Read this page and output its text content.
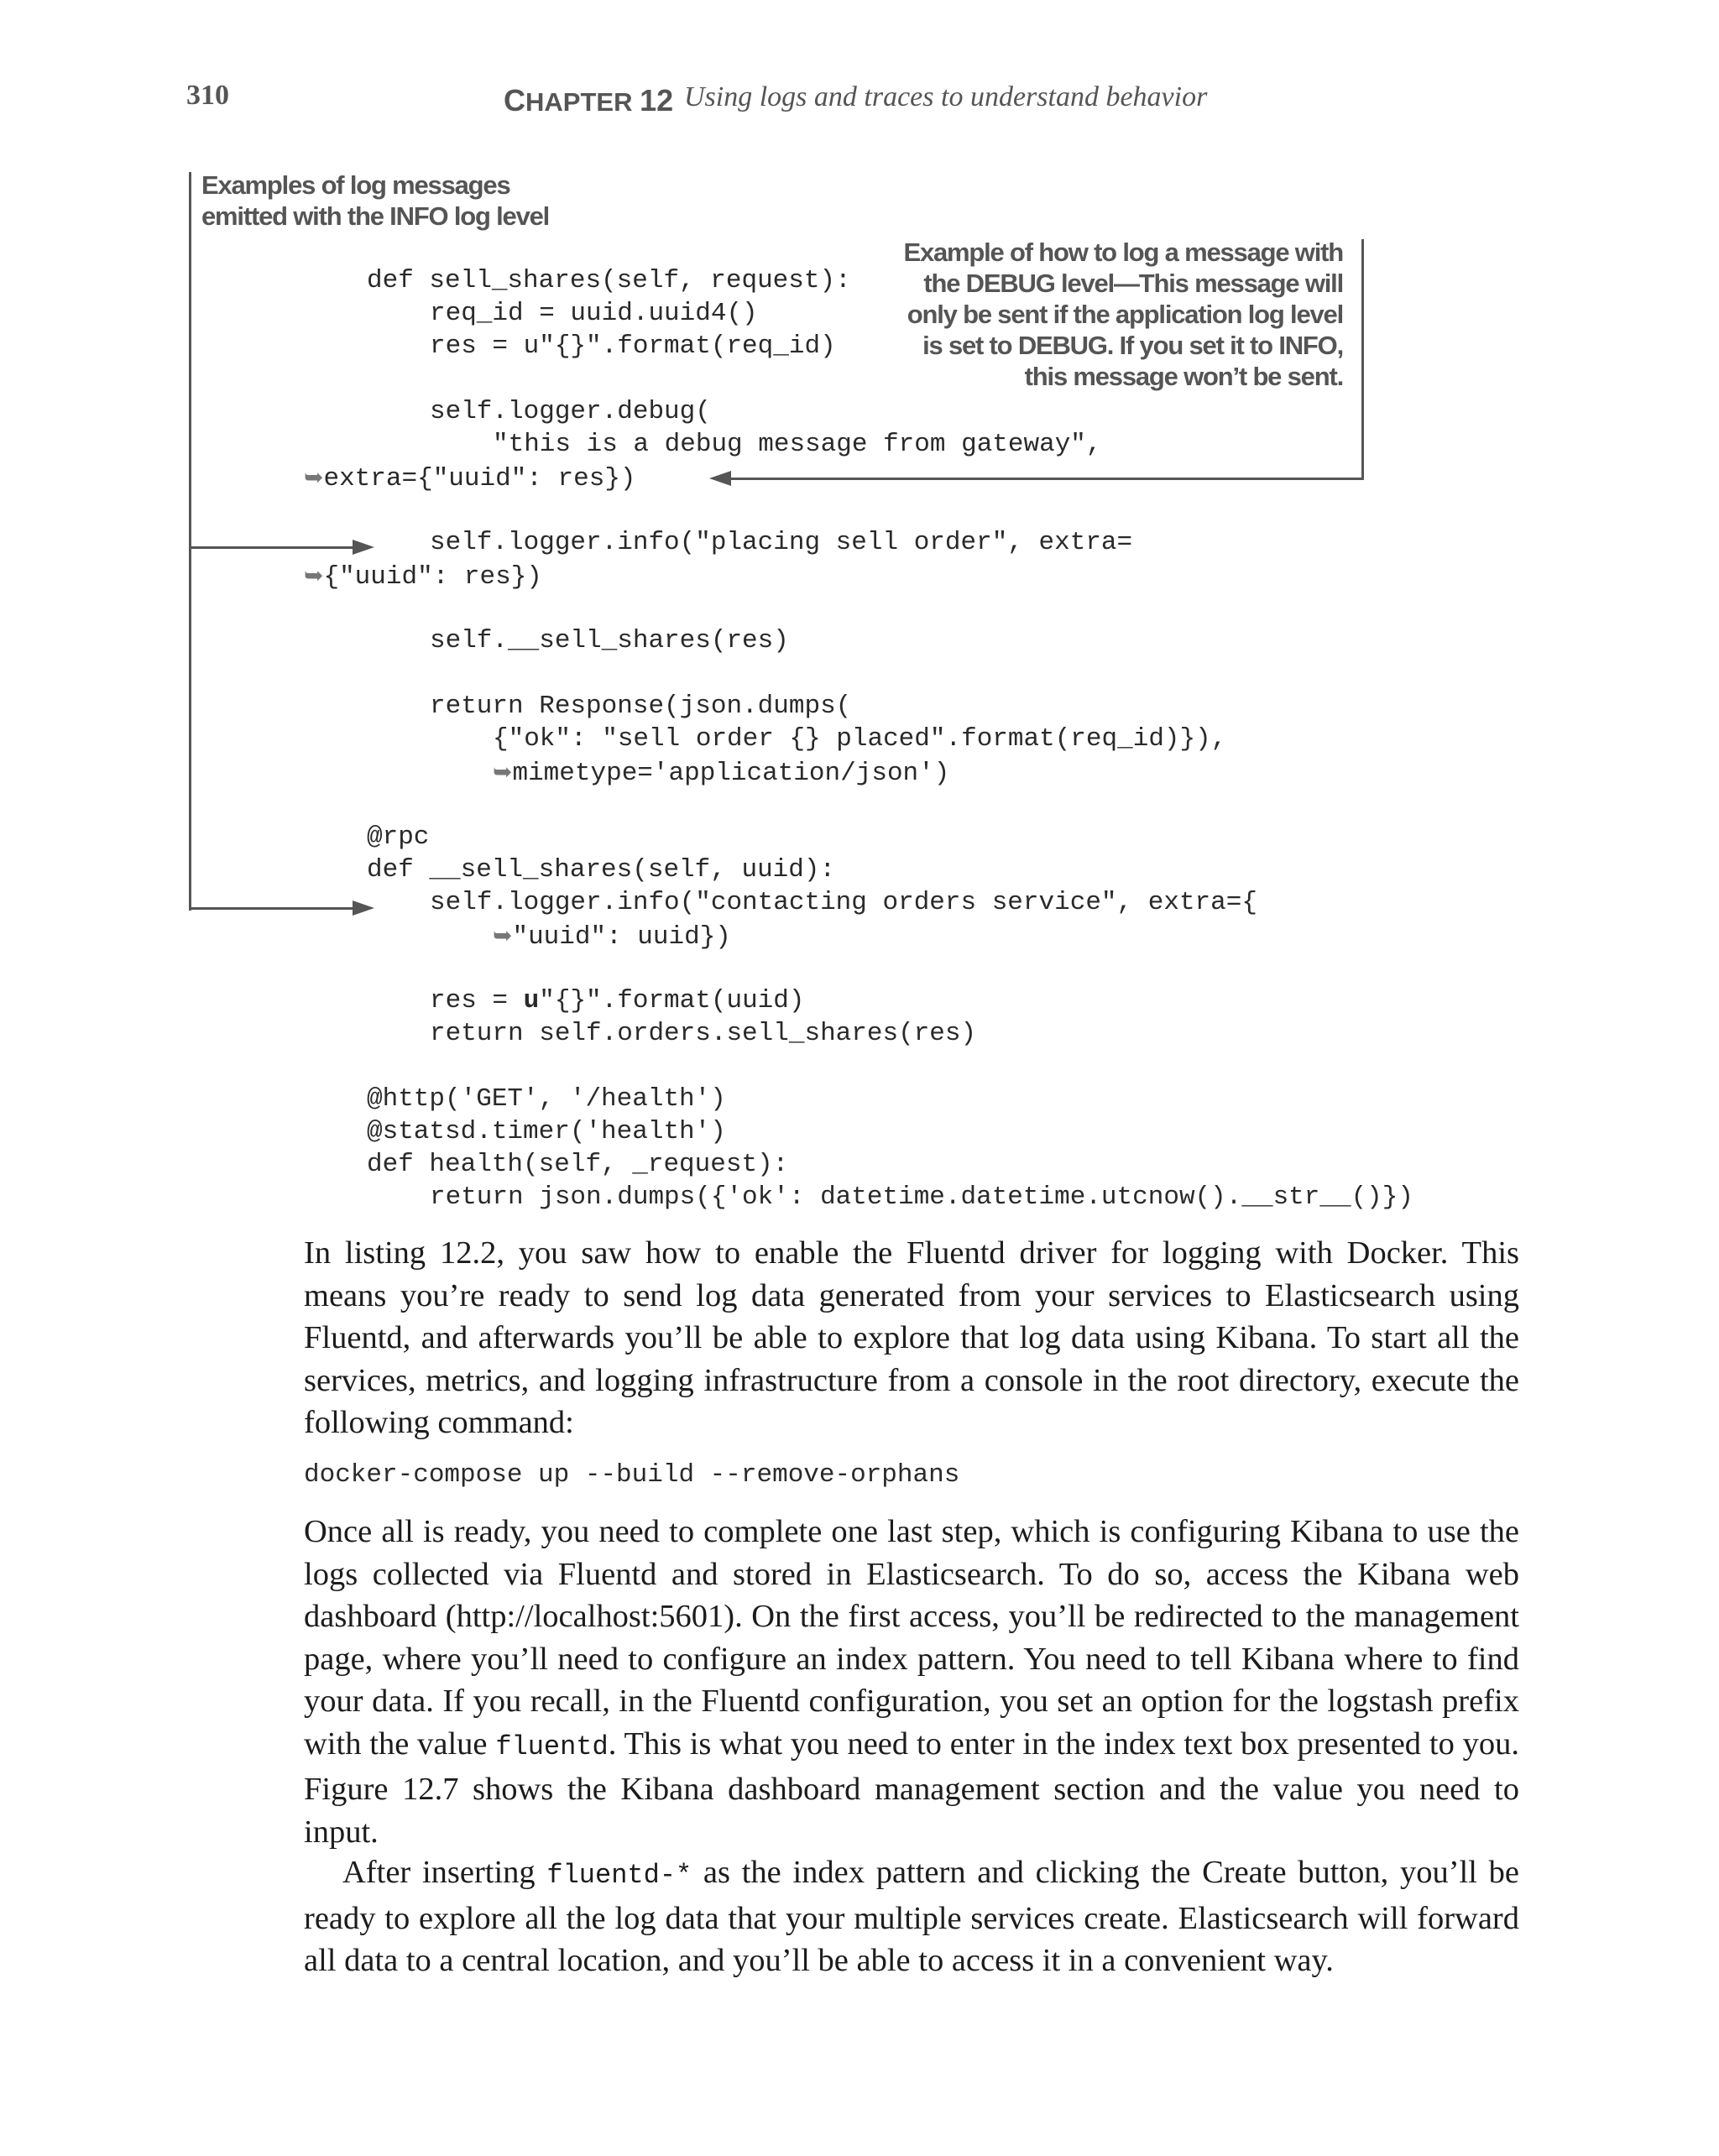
310	CHAPTER 12 Using logs and traces to understand behavior
Examples of log messages
emitted with the INFO log level
Example of how to log a message with
the DEBUG level—This message will
only be sent if the application log level
is set to DEBUG. If you set it to INFO,
this message won’t be sent.
def sell_shares(self, request):
req_id = uuid.uuid4()
res = u"{}".format(req_id)
self.logger.debug(
"this is a debug message from gateway",
➥extra={"uuid": res})
self.logger.info("placing sell order", extra=
➥{"uuid": res})
self.__sell_shares(res)
return Response(json.dumps(
{"ok": "sell order {} placed".format(req_id)}),
➥mimetype='application/json')
@rpc
def __sell_shares(self, uuid):
self.logger.info("contacting orders service", extra={
➥"uuid": uuid})
res = u"{}".format(uuid)
return self.orders.sell_shares(res)
@http('GET', '/health')
@statsd.timer('health')
def health(self, _request):
return json.dumps({'ok': datetime.datetime.utcnow().__str__()})
In listing 12.2, you saw how to enable the Fluentd driver for logging with Docker. This means you’re ready to send log data generated from your services to Elasticsearch using Fluentd, and afterwards you’ll be able to explore that log data using Kibana. To start all the services, metrics, and logging infrastructure from a console in the root directory, execute the following command:
docker-compose up --build --remove-orphans
Once all is ready, you need to complete one last step, which is configuring Kibana to use the logs collected via Fluentd and stored in Elasticsearch. To do so, access the Kibana web dashboard (http://localhost:5601). On the first access, you’ll be redirected to the management page, where you’ll need to configure an index pattern. You need to tell Kibana where to find your data. If you recall, in the Fluentd configuration, you set an option for the logstash prefix with the value fluentd. This is what you need to enter in the index text box presented to you. Figure 12.7 shows the Kibana dashboard management section and the value you need to input.
After inserting fluentd-* as the index pattern and clicking the Create button, you’ll be ready to explore all the log data that your multiple services create. Elasticsearch will forward all data to a central location, and you’ll be able to access it in a convenient way.
